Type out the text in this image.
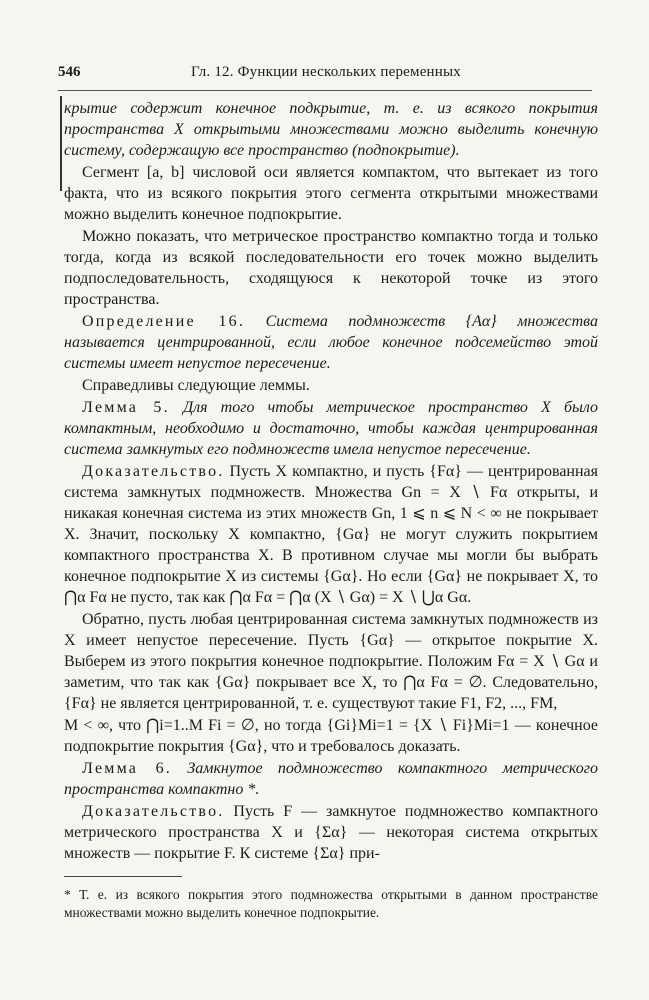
546	Гл. 12. Функции нескольких переменных

крытие содержит конечное подкрытие, т. е. из всякого покрытия пространства X открытыми множествами можно выделить конечную систему, содержащую все пространство (подпокрытие).

Сегмент [a, b] числовой оси является компактом, что вытекает из того факта, что из всякого покрытия этого сегмента открытыми множествами можно выделить конечное подпокрытие.

Можно показать, что метрическое пространство компактно тогда и только тогда, когда из всякой последовательности его точек можно выделить подпоследовательность, сходящуюся к некоторой точке из этого пространства.

Определение 16. Система подмножеств {Aα} множества называется центрированной, если любое конечное подсемейство этой системы имеет непустое пересечение.

Справедливы следующие леммы.

Лемма 5. Для того чтобы метрическое пространство X было компактным, необходимо и достаточно, чтобы каждая центрированная система замкнутых его подмножеств имела непустое пересечение.

Доказательство. Пусть X компактно, и пусть {Fα} — центрированная система замкнутых подмножеств. Множества Gn = X ∖ Fα открыты, и никакая конечная система из этих множеств Gn, 1 ⩽ n ⩽ N < ∞ не покрывает X. Значит, поскольку X компактно, {Gα} не могут служить покрытием компактного пространства X. В противном случае мы могли бы выбрать конечное подпокрытие X из системы {Gα}. Но если {Gα} не покрывает X, то ⋂α Fα не пусто, так как ⋂α Fα = ⋂α (X ∖ Gα) = X ∖ ⋃α Gα.

Обратно, пусть любая центрированная система замкнутых подмножеств из X имеет непустое пересечение. Пусть {Gα} — открытое покрытие X. Выберем из этого покрытия конечное подпокрытие. Положим Fα = X ∖ Gα и заметим, что так как {Gα} покрывает все X, то ⋂α Fα = ∅. Следовательно, {Fα} не является центрированной, т. е. существуют такие F1, F2, ..., FM,

M < ∞, что ⋂i=1..M Fi = ∅, но тогда {Gi}Mi=1 = {X ∖ Fi}Mi=1 — конечное подпокрытие покрытия {Gα}, что и требовалось доказать.

Лемма 6. Замкнутое подмножество компактного метрического пространства компактно *.

Доказательство. Пусть F — замкнутое подмножество компактного метрического пространства X и {Σα} — некоторая система открытых множеств — покрытие F. К системе {Σα} при-

* Т. е. из всякого покрытия этого подмножества открытыми в данном пространстве множествами можно выделить конечное подпокрытие.
